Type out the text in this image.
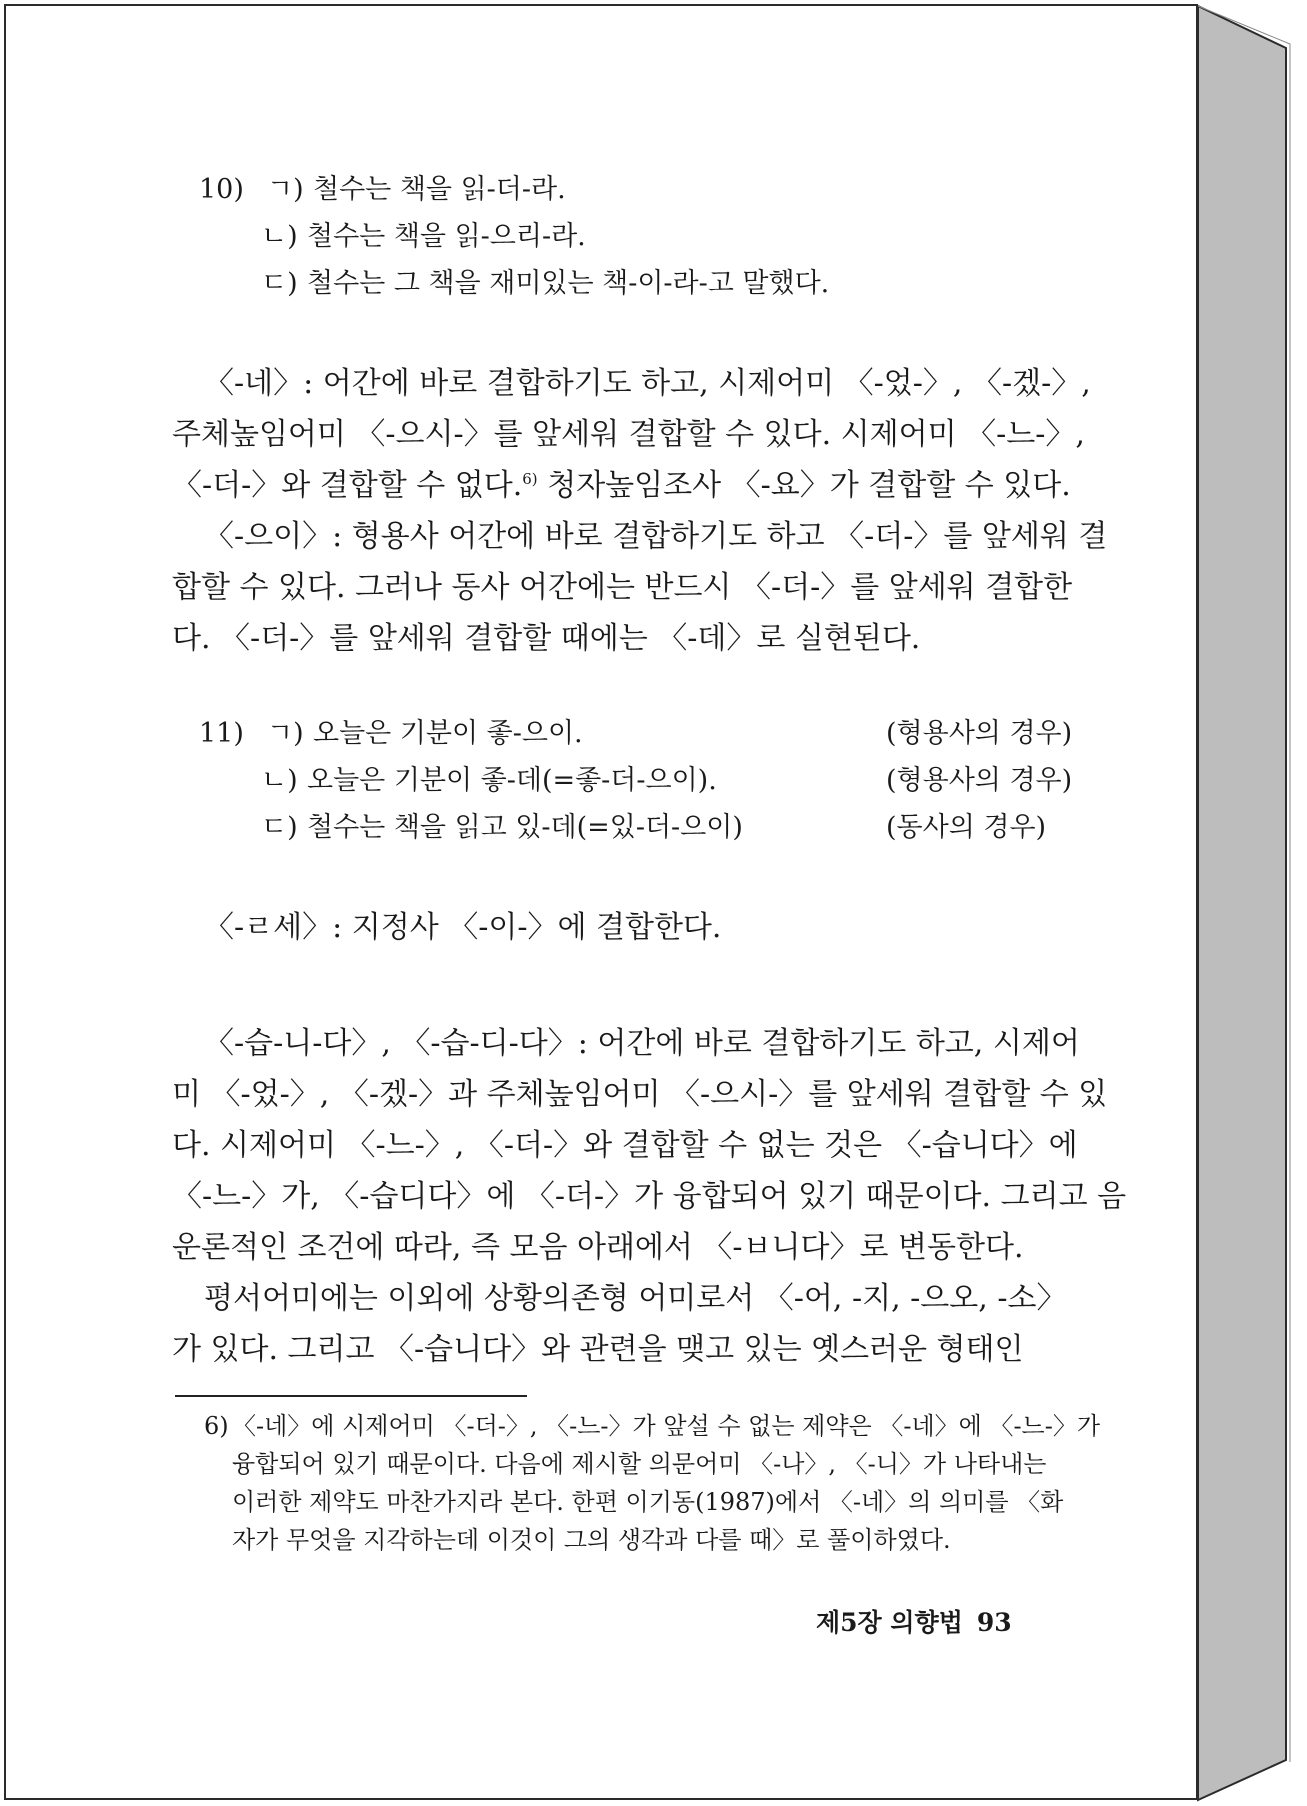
10) ㄱ) 철수는 책을 읽-더-라.
ㄴ) 철수는 책을 읽-으리-라.
ㄷ) 철수는 그 책을 재미있는 책-이-라-고 말했다.
〈-네〉: 어간에 바로 결합하기도 하고, 시제어미 〈-었-〉, 〈-겠-〉,
주체높임어미 〈-으시-〉를 앞세워 결합할 수 있다. 시제어미 〈-느-〉,
〈-더-〉와 결합할 수 없다.$^{6)}$ 청자높임조사 〈-요〉가 결합할 수 있다.
〈-으이〉: 형용사 어간에 바로 결합하기도 하고 〈-더-〉를 앞세워 결
합할 수 있다. 그러나 동사 어간에는 반드시 〈-더-〉를 앞세워 결합한
다. 〈-더-〉를 앞세워 결합할 때에는 〈-데〉로 실현된다.
11) ㄱ) 오늘은 기분이 좋-으이.	(형용사의 경우)
ㄴ) 오늘은 기분이 좋-데(=좋-더-으이).	(형용사의 경우)
ㄷ) 철수는 책을 읽고 있-데(=있-더-으이)	(동사의 경우)
〈-ㄹ세〉: 지정사 〈-이-〉에 결합한다.
〈-습-니-다〉, 〈-습-디-다〉: 어간에 바로 결합하기도 하고, 시제어
미 〈-었-〉, 〈-겠-〉과 주체높임어미 〈-으시-〉를 앞세워 결합할 수 있
다. 시제어미 〈-느-〉, 〈-더-〉와 결합할 수 없는 것은 〈-습니다〉에
〈-느-〉가, 〈-습디다〉에 〈-더-〉가 융합되어 있기 때문이다. 그리고 음
운론적인 조건에 따라, 즉 모음 아래에서 〈-ㅂ니다〉로 변동한다.
평서어미에는 이외에 상황의존형 어미로서 〈-어, -지, -으오, -소〉
가 있다. 그리고 〈-습니다〉와 관련을 맺고 있는 옛스러운 형태인
6) 〈-네〉에 시제어미 〈-더-〉, 〈-느-〉가 앞설 수 없는 제약은 〈-네〉에 〈-느-〉가
융합되어 있기 때문이다. 다음에 제시할 의문어미 〈-나〉, 〈-니〉가 나타내는
이러한 제약도 마찬가지라 본다. 한편 이기동(1987)에서 〈-네〉의 의미를 〈화
자가 무엇을 지각하는데 이것이 그의 생각과 다를 때〉로 풀이하였다.
제5장 의향법 93
